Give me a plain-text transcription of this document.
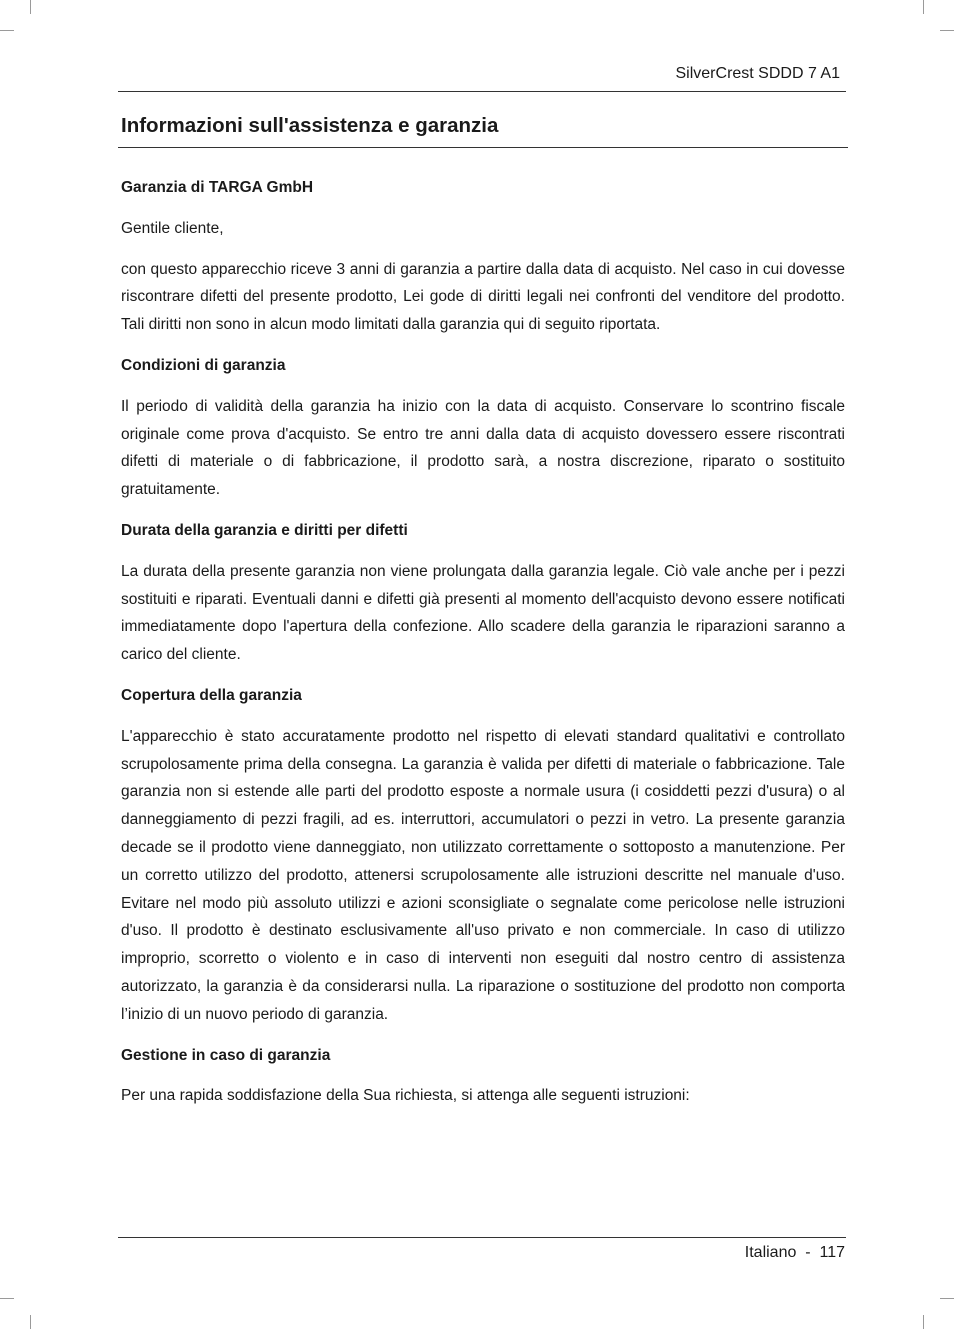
SilverCrest SDDD 7 A1
Informazioni sull'assistenza e garanzia
Garanzia di TARGA GmbH

Gentile cliente,

con questo apparecchio riceve 3 anni di garanzia a partire dalla data di acquisto. Nel caso in cui dovesse riscontrare difetti del presente prodotto, Lei gode di diritti legali nei confronti del venditore del prodotto. Tali diritti non sono in alcun modo limitati dalla garanzia qui di seguito riportata.

Condizioni di garanzia

Il periodo di validità della garanzia ha inizio con la data di acquisto. Conservare lo scontrino fiscale originale come prova d'acquisto. Se entro tre anni dalla data di acquisto dovessero essere riscontrati difetti di materiale o di fabbricazione, il prodotto sarà, a nostra discrezione, riparato o sostituito gratuitamente.

Durata della garanzia e diritti per difetti

La durata della presente garanzia non viene prolungata dalla garanzia legale. Ciò vale anche per i pezzi sostituiti e riparati. Eventuali danni e difetti già presenti al momento dell'acquisto devono essere notificati immediatamente dopo l'apertura della confezione. Allo scadere della garanzia le riparazioni saranno a carico del cliente.

Copertura della garanzia

L'apparecchio è stato accuratamente prodotto nel rispetto di elevati standard qualitativi e controllato scrupolosamente prima della consegna. La garanzia è valida per difetti di materiale o fabbricazione. Tale garanzia non si estende alle parti del prodotto esposte a normale usura (i cosiddetti pezzi d'usura) o al danneggiamento di pezzi fragili, ad es. interruttori, accumulatori o pezzi in vetro. La presente garanzia decade se il prodotto viene danneggiato, non utilizzato correttamente o sottoposto a manutenzione. Per un corretto utilizzo del prodotto, attenersi scrupolosamente alle istruzioni descritte nel manuale d'uso. Evitare nel modo più assoluto utilizzi e azioni sconsigliate o segnalate come pericolose nelle istruzioni d'uso. Il prodotto è destinato esclusivamente all'uso privato e non commerciale. In caso di utilizzo improprio, scorretto o violento e in caso di interventi non eseguiti dal nostro centro di assistenza autorizzato, la garanzia è da considerarsi nulla. La riparazione o sostituzione del prodotto non comporta l’inizio di un nuovo periodo di garanzia.

Gestione in caso di garanzia

Per una rapida soddisfazione della Sua richiesta, si attenga alle seguenti istruzioni:

Italiano - 117
